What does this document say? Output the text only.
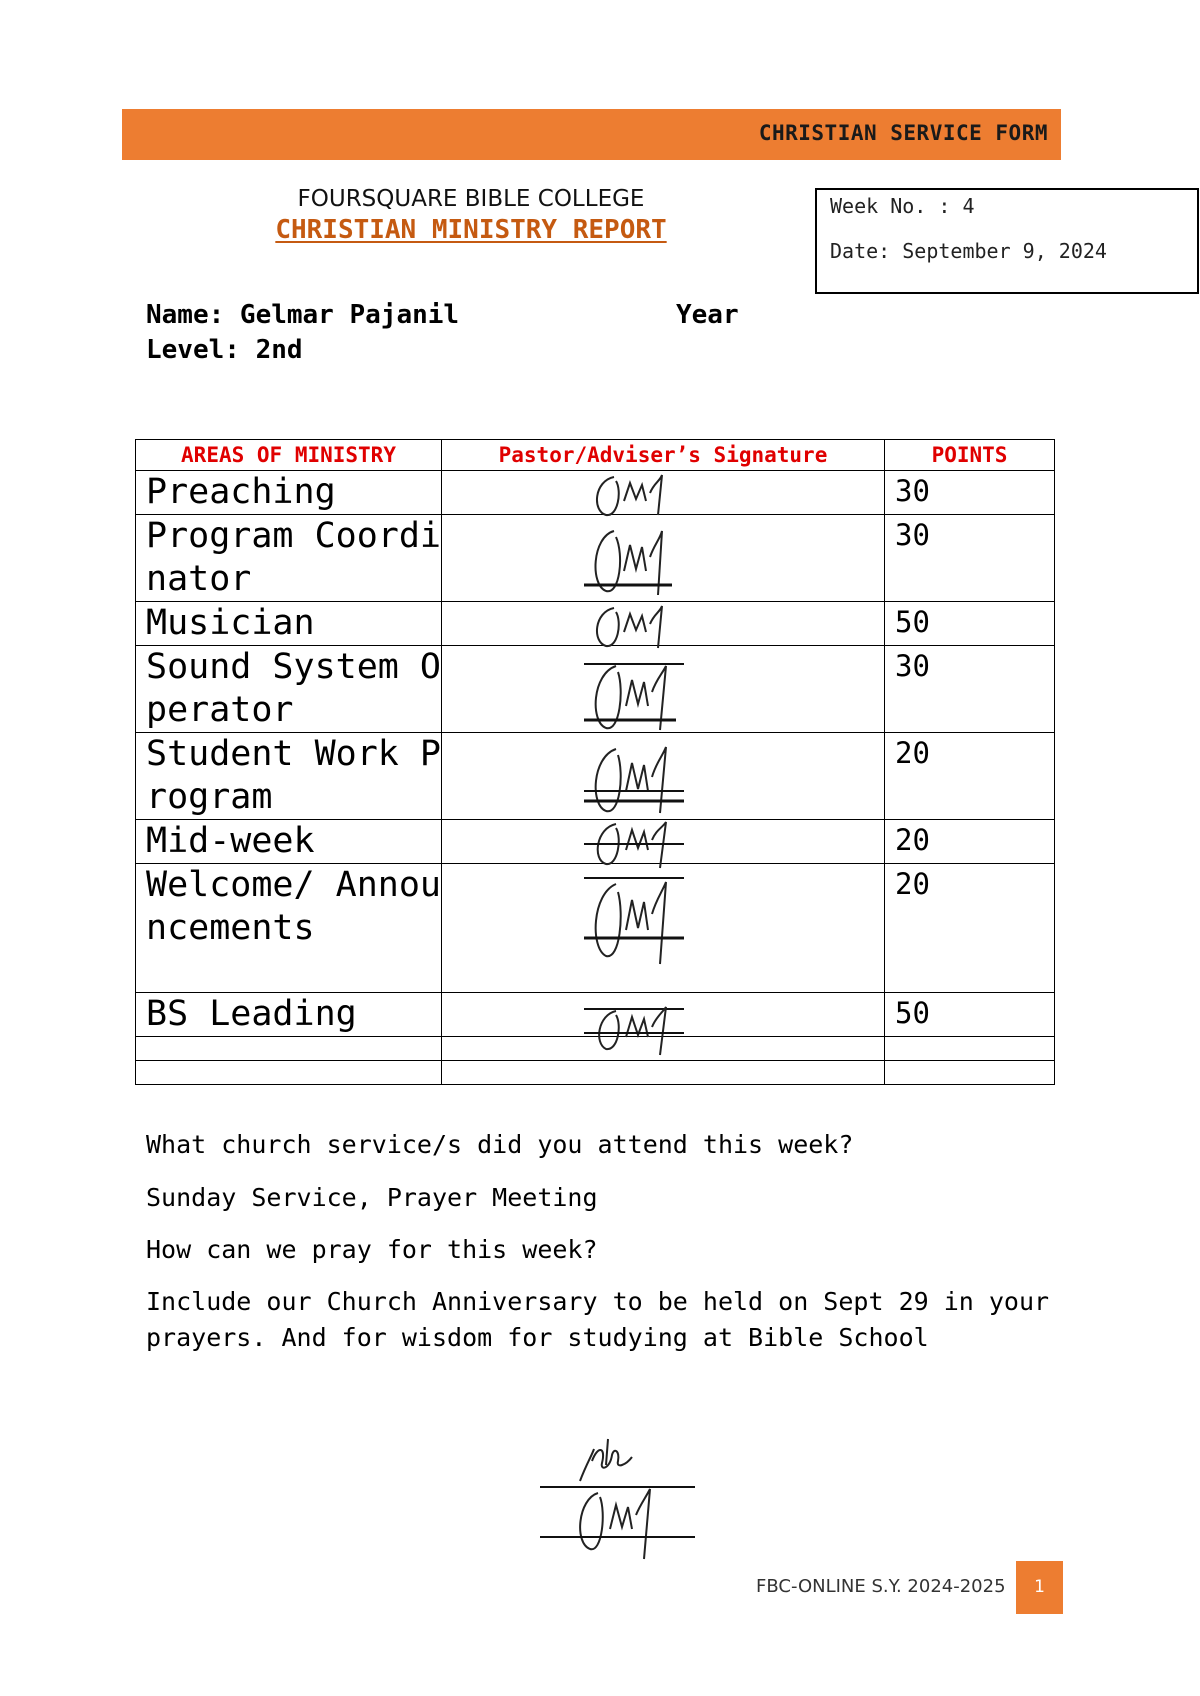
CHRISTIAN SERVICE FORM
FOURSQUARE BIBLE COLLEGE
CHRISTIAN MINISTRY REPORT
Week No. : 4
Date: September 9, 2024
Name: Gelmar Pajanil	Year
Level: 2nd
AREAS OF MINISTRY	Pastor/Adviser’s Signature	POINTS
Preaching		30
Program Coordinator		30
Musician		50
Sound System Operator		30
Student Work Program		20
Mid-week		20
Welcome/ Announcements		20
BS Leading		50

What church service/s did you attend this week?
Sunday Service, Prayer Meeting
How can we pray for this week?
Include our Church Anniversary to be held on Sept 29 in your prayers. And for wisdom for studying at Bible School
FBC-ONLINE S.Y. 2024-2025	1
